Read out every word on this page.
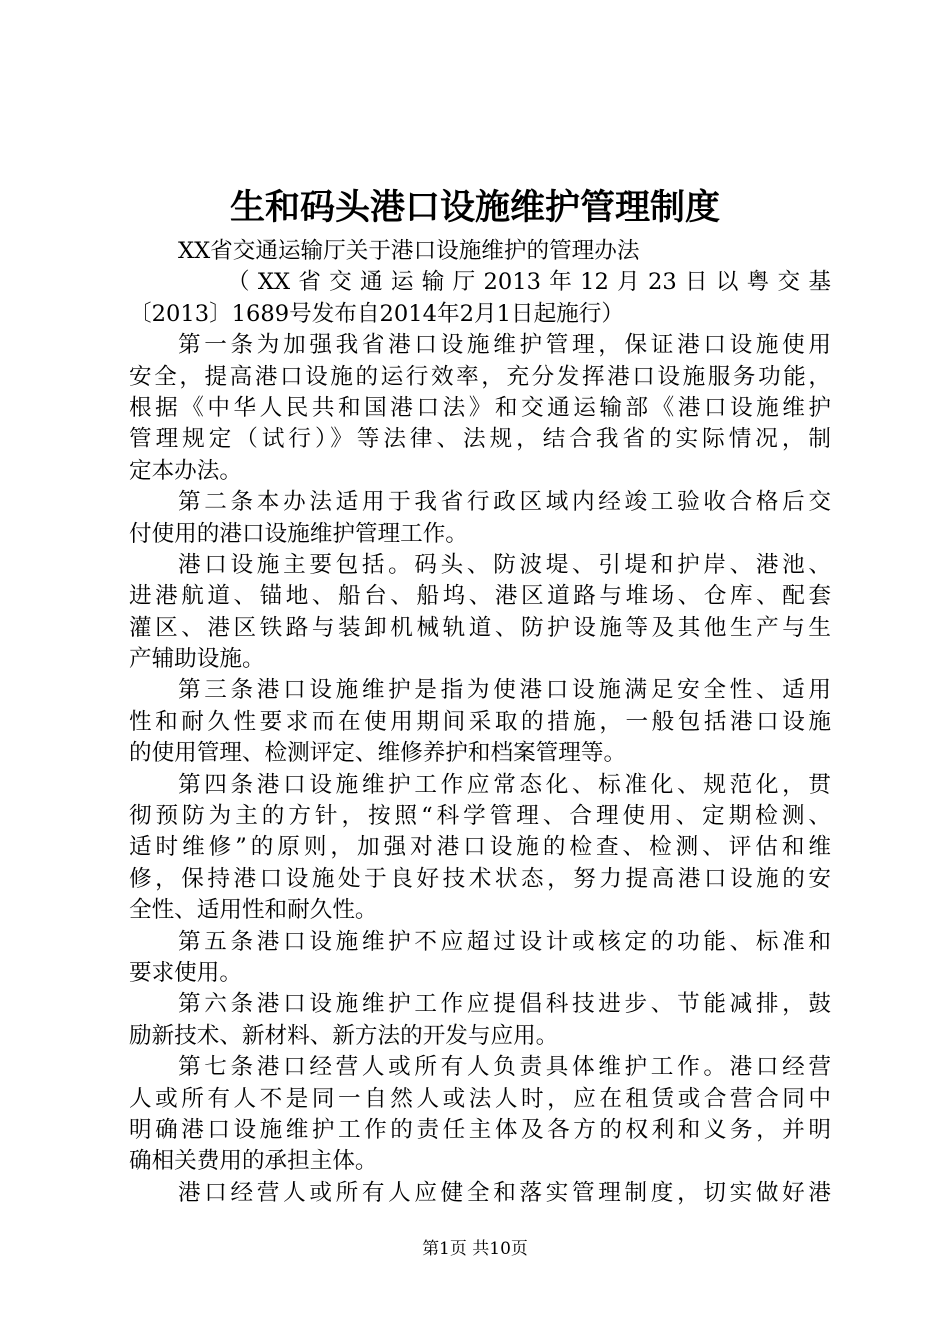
生和码头港口设施维护管理制度
XX省交通运输厅关于港口设施维护的管理办法
（XX省交通运输厅2013年12月23日以粤交基
〔2013〕1689号发布自2014年2月1日起施行）
第一条为加强我省港口设施维护管理，保证港口设施使用
安全，提高港口设施的运行效率，充分发挥港口设施服务功能，
根据《中华人民共和国港口法》和交通运输部《港口设施维护
管理规定（试行）》等法律、法规，结合我省的实际情况，制
定本办法。
第二条本办法适用于我省行政区域内经竣工验收合格后交
付使用的港口设施维护管理工作。
港口设施主要包括。码头、防波堤、引堤和护岸、港池、
进港航道、锚地、船台、船坞、港区道路与堆场、仓库、配套
灌区、港区铁路与装卸机械轨道、防护设施等及其他生产与生
产辅助设施。
第三条港口设施维护是指为使港口设施满足安全性、适用
性和耐久性要求而在使用期间采取的措施，一般包括港口设施
的使用管理、检测评定、维修养护和档案管理等。
第四条港口设施维护工作应常态化、标准化、规范化，贯
彻预防为主的方针，按照“科学管理、合理使用、定期检测、
适时维修”的原则，加强对港口设施的检查、检测、评估和维
修，保持港口设施处于良好技术状态，努力提高港口设施的安
全性、适用性和耐久性。
第五条港口设施维护不应超过设计或核定的功能、标准和
要求使用。
第六条港口设施维护工作应提倡科技进步、节能减排，鼓
励新技术、新材料、新方法的开发与应用。
第七条港口经营人或所有人负责具体维护工作。港口经营
人或所有人不是同一自然人或法人时，应在租赁或合营合同中
明确港口设施维护工作的责任主体及各方的权利和义务，并明
确相关费用的承担主体。
港口经营人或所有人应健全和落实管理制度，切实做好港
第1页 共10页
